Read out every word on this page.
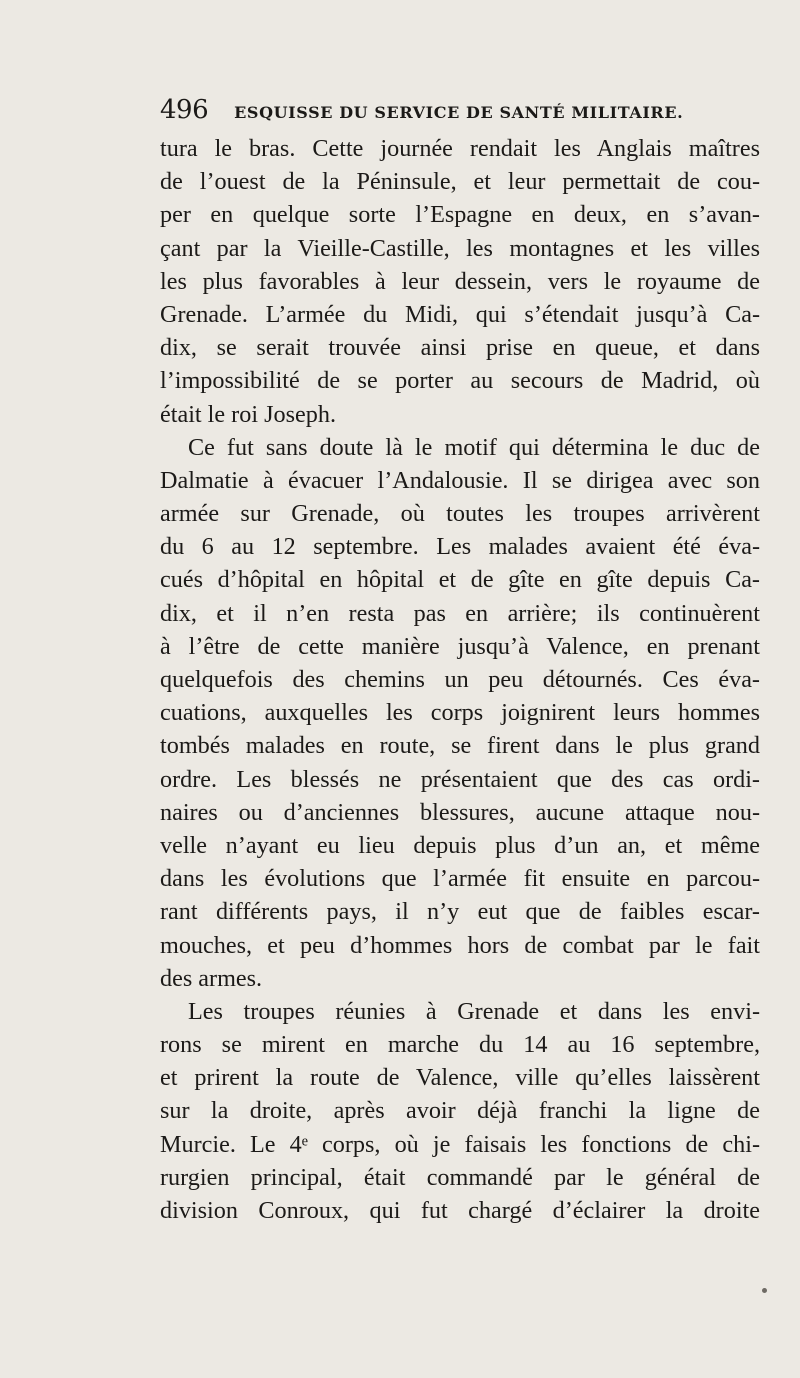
496 ESQUISSE DU SERVICE DE SANTÉ MILITAIRE.
tura le bras. Cette journée rendait les Anglais maîtres
de l’ouest de la Péninsule, et leur permettait de cou-
per en quelque sorte l’Espagne en deux, en s’avan-
çant par la Vieille-Castille, les montagnes et les villes
les plus favorables à leur dessein, vers le royaume de
Grenade. L’armée du Midi, qui s’étendait jusqu’à Ca-
dix, se serait trouvée ainsi prise en queue, et dans
l’impossibilité de se porter au secours de Madrid, où
était le roi Joseph.
Ce fut sans doute là le motif qui détermina le duc de
Dalmatie à évacuer l’Andalousie. Il se dirigea avec son
armée sur Grenade, où toutes les troupes arrivèrent
du 6 au 12 septembre. Les malades avaient été éva-
cués d’hôpital en hôpital et de gîte en gîte depuis Ca-
dix, et il n’en resta pas en arrière; ils continuèrent
à l’être de cette manière jusqu’à Valence, en prenant
quelquefois des chemins un peu détournés. Ces éva-
cuations, auxquelles les corps joignirent leurs hommes
tombés malades en route, se firent dans le plus grand
ordre. Les blessés ne présentaient que des cas ordi-
naires ou d’anciennes blessures, aucune attaque nou-
velle n’ayant eu lieu depuis plus d’un an, et même
dans les évolutions que l’armée fit ensuite en parcou-
rant différents pays, il n’y eut que de faibles escar-
mouches, et peu d’hommes hors de combat par le fait
des armes.
Les troupes réunies à Grenade et dans les envi-
rons se mirent en marche du 14 au 16 septembre,
et prirent la route de Valence, ville qu’elles laissèrent
sur la droite, après avoir déjà franchi la ligne de
Murcie. Le 4ᵉ corps, où je faisais les fonctions de chi-
rurgien principal, était commandé par le général de
division Conroux, qui fut chargé d’éclairer la droite
